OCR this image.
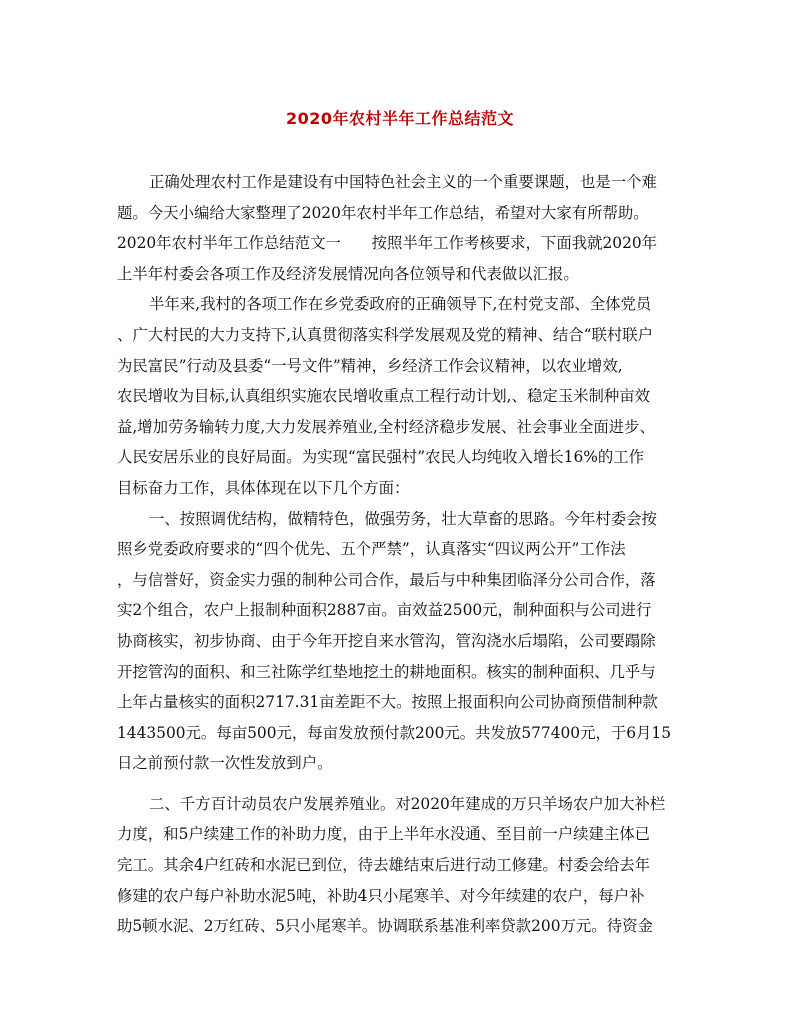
2020年农村半年工作总结范文
正确处理农村工作是建设有中国特色社会主义的一个重要课题，也是一个难
题。今天小编给大家整理了2020年农村半年工作总结，希望对大家有所帮助。
2020年农村半年工作总结范文一　　按照半年工作考核要求，下面我就2020年
上半年村委会各项工作及经济发展情况向各位领导和代表做以汇报。
半年来,我村的各项工作在乡党委政府的正确领导下,在村党支部、全体党员
、广大村民的大力支持下,认真贯彻落实科学发展观及党的精神、结合“联村联户
为民富民”行动及县委“一号文件”精神，乡经济工作会议精神，以农业增效,
农民增收为目标,认真组织实施农民增收重点工程行动计划,、稳定玉米制种亩效
益,增加劳务输转力度,大力发展养殖业,全村经济稳步发展、社会事业全面进步、
人民安居乐业的良好局面。为实现“富民强村”农民人均纯收入增长16%的工作
目标奋力工作，具体体现在以下几个方面：
一、按照调优结构，做精特色，做强劳务，壮大草畜的思路。今年村委会按
照乡党委政府要求的“四个优先、五个严禁”，认真落实“四议两公开”工作法
，与信誉好，资金实力强的制种公司合作，最后与中种集团临泽分公司合作，落
实2个组合，农户上报制种面积2887亩。亩效益2500元，制种面积与公司进行
协商核实，初步协商、由于今年开挖自来水管沟，管沟浇水后塌陷，公司要蹋除
开挖管沟的面积、和三社陈学红垫地挖土的耕地面积。核实的制种面积、几乎与
上年占量核实的面积2717.31亩差距不大。按照上报面积向公司协商预借制种款
1443500元。每亩500元，每亩发放预付款200元。共发放577400元，于6月15
日之前预付款一次性发放到户。
二、千方百计动员农户发展养殖业。对2020年建成的万只羊场农户加大补栏
力度，和5户续建工作的补助力度，由于上半年水没通、至目前一户续建主体已
完工。其余4户红砖和水泥已到位，待去雄结束后进行动工修建。村委会给去年
修建的农户每户补助水泥5吨，补助4只小尾寒羊、对今年续建的农户，每户补
助5顿水泥、2万红砖、5只小尾寒羊。协调联系基准利率贷款200万元。待资金
